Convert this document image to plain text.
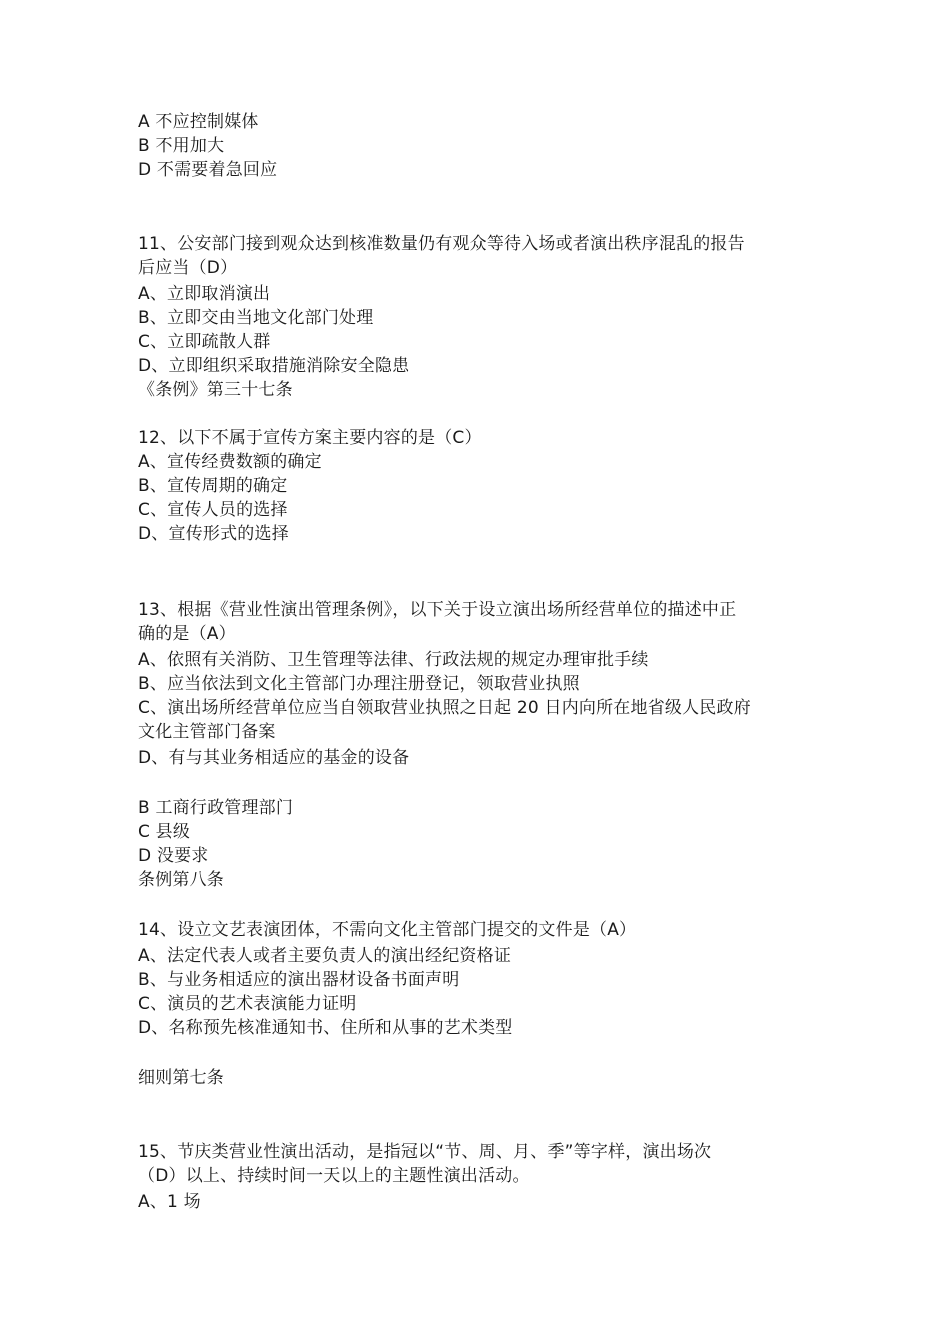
A 不应控制媒体
B 不用加大
D 不需要着急回应
11、公安部门接到观众达到核准数量仍有观众等待入场或者演出秩序混乱的报告
后应当（D）
A、立即取消演出
B、立即交由当地文化部门处理
C、立即疏散人群
D、立即组织采取措施消除安全隐患
《条例》第三十七条
12、以下不属于宣传方案主要内容的是（C）
A、宣传经费数额的确定
B、宣传周期的确定
C、宣传人员的选择
D、宣传形式的选择
13、根据《营业性演出管理条例》，以下关于设立演出场所经营单位的描述中正
确的是（A）
A、依照有关消防、卫生管理等法律、行政法规的规定办理审批手续
B、应当依法到文化主管部门办理注册登记，领取营业执照
C、演出场所经营单位应当自领取营业执照之日起 20 日内向所在地省级人民政府
文化主管部门备案
D、有与其业务相适应的基金的设备
B 工商行政管理部门
C 县级
D 没要求
条例第八条
14、设立文艺表演团体，不需向文化主管部门提交的文件是（A）
A、法定代表人或者主要负责人的演出经纪资格证
B、与业务相适应的演出器材设备书面声明
C、演员的艺术表演能力证明
D、名称预先核准通知书、住所和从事的艺术类型
细则第七条
15、节庆类营业性演出活动，是指冠以“节、周、月、季”等字样，演出场次
（D）以上、持续时间一天以上的主题性演出活动。
A、1 场
